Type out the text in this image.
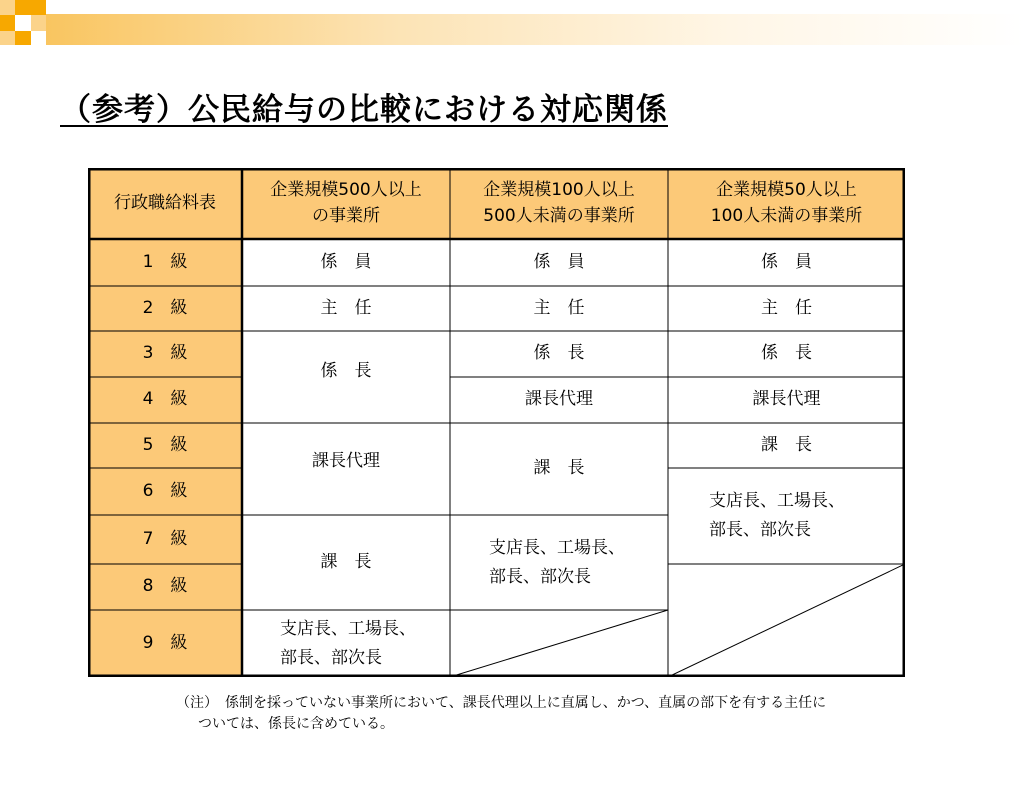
（参考）公民給与の比較における対応関係
行政職給料表
企業規模500人以上
の事業所
企業規模100人以上
500人未満の事業所
企業規模50人以上
100人未満の事業所
1　級
2　級
3　級
4　級
5　級
6　級
7　級
8　級
9　級
係　員
主　任
係　長
課長代理
課　長
支店長、工場長、
部長、部次長
係　員
主　任
係　長
課長代理
課　長
支店長、工場長、
部長、部次長
係　員
主　任
係　長
課長代理
課　長
支店長、工場長、
部長、部次長
（注）　係制を採っていない事業所において、課長代理以上に直属し、かつ、直属の部下を有する主任に
ついては、係長に含めている。
